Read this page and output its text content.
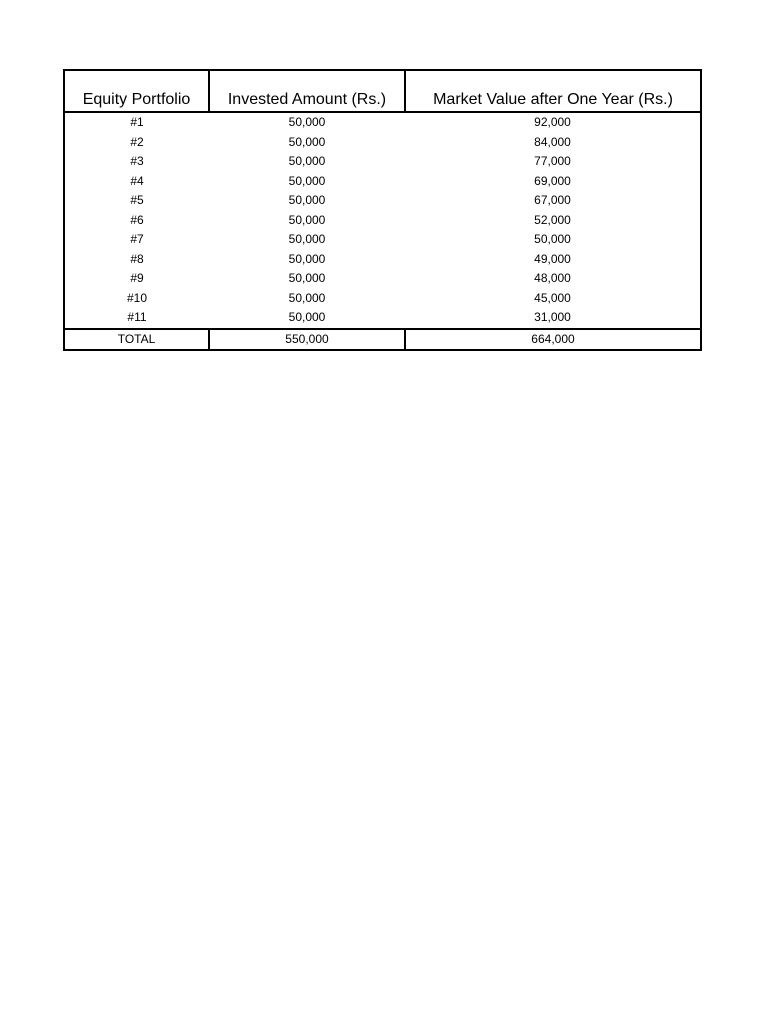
Equity Portfolio	Invested Amount (Rs.)	Market Value after One Year (Rs.)
#1	50,000	92,000
#2	50,000	84,000
#3	50,000	77,000
#4	50,000	69,000
#5	50,000	67,000
#6	50,000	52,000
#7	50,000	50,000
#8	50,000	49,000
#9	50,000	48,000
#10	50,000	45,000
#11	50,000	31,000
TOTAL	550,000	664,000
